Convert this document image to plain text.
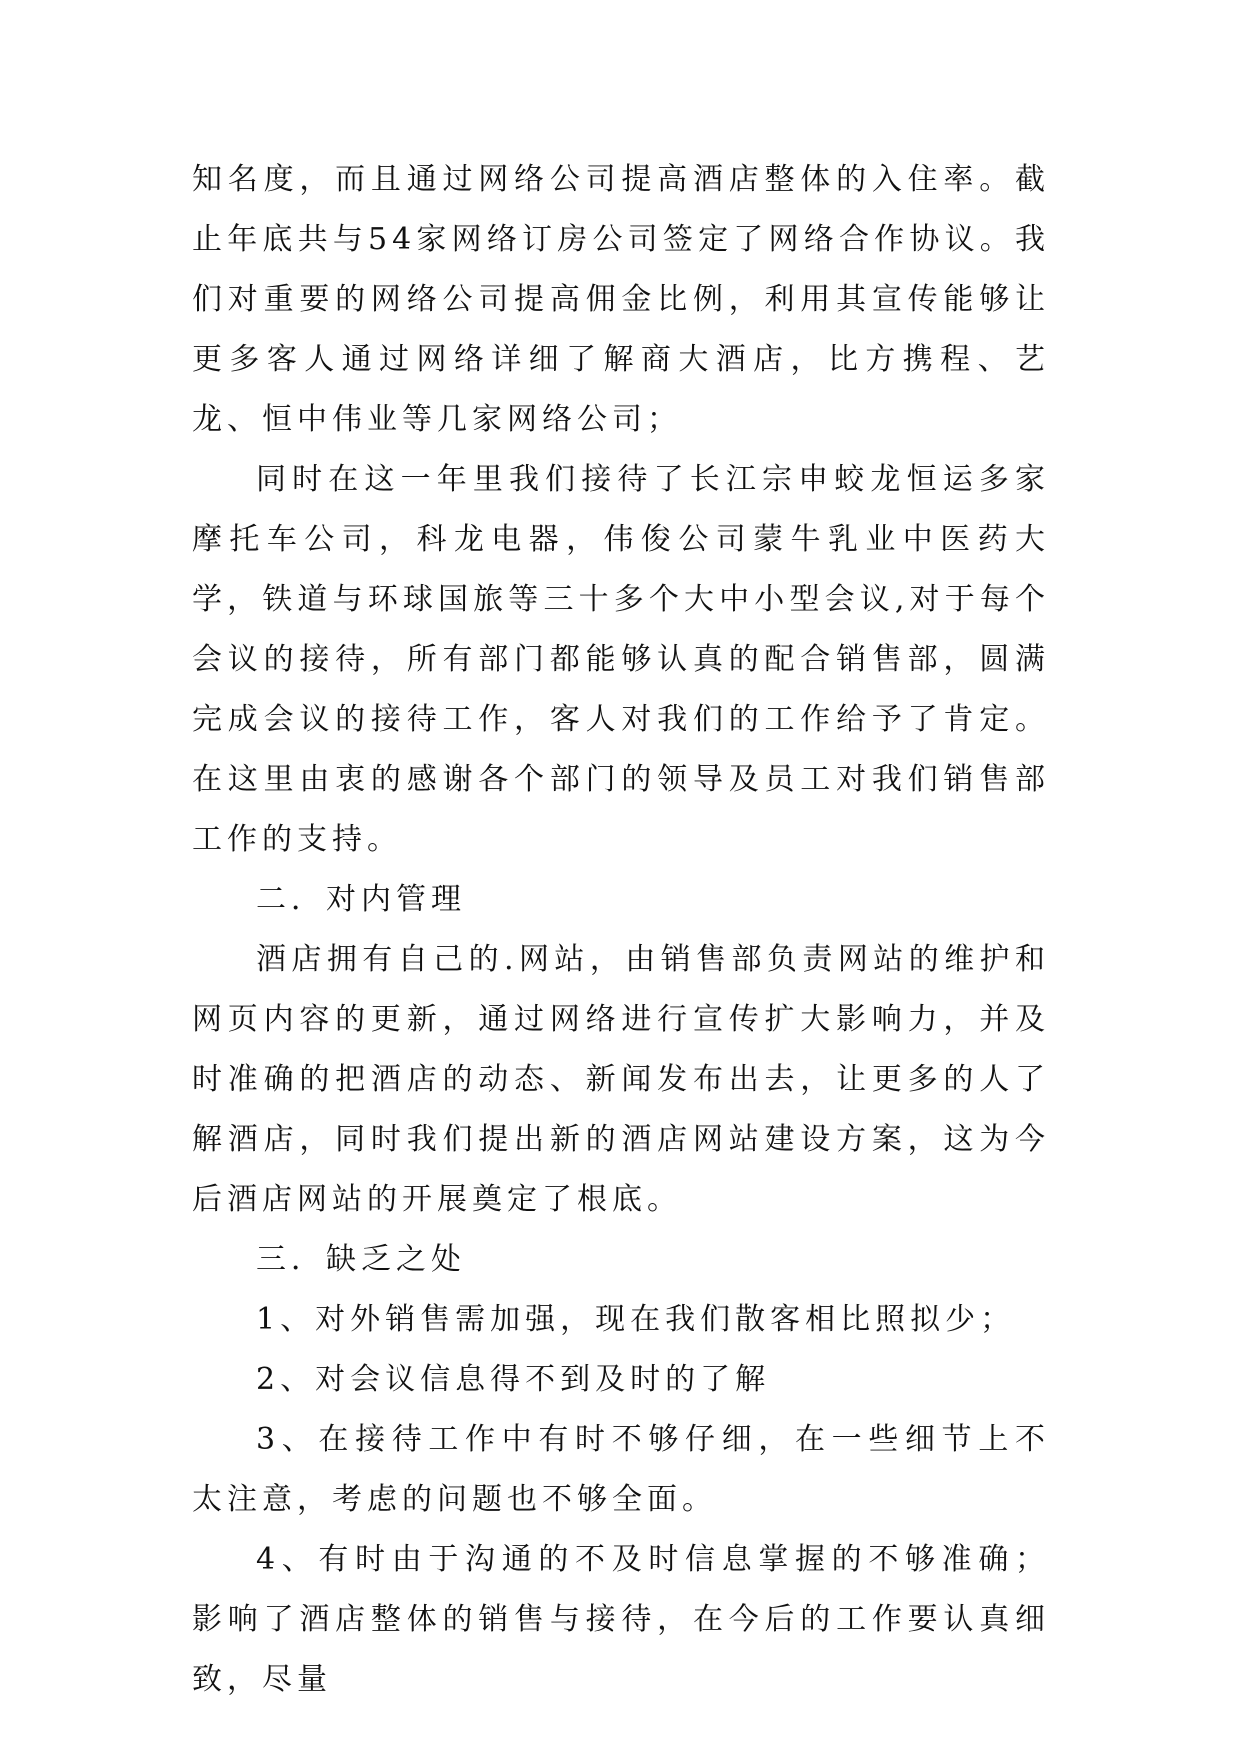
知名度，而且通过网络公司提高酒店整体的入住率。截止年底共与54家网络订房公司签定了网络合作协议。我们对重要的网络公司提高佣金比例，利用其宣传能够让更多客人通过网络详细了解商大酒店，比方携程、艺龙、恒中伟业等几家网络公司；

同时在这一年里我们接待了长江宗申蛟龙恒运多家摩托车公司，科龙电器，伟俊公司蒙牛乳业中医药大学，铁道与环球国旅等三十多个大中小型会议,对于每个会议的接待，所有部门都能够认真的配合销售部，圆满完成会议的接待工作，客人对我们的工作给予了肯定。在这里由衷的感谢各个部门的领导及员工对我们销售部工作的支持。

二．对内管理

酒店拥有自己的.网站，由销售部负责网站的维护和网页内容的更新，通过网络进行宣传扩大影响力，并及时准确的把酒店的动态、新闻发布出去，让更多的人了解酒店，同时我们提出新的酒店网站建设方案，这为今后酒店网站的开展奠定了根底。

三．缺乏之处

1、对外销售需加强，现在我们散客相比照拟少；

2、对会议信息得不到及时的了解

3、在接待工作中有时不够仔细，在一些细节上不太注意，考虑的问题也不够全面。

4、有时由于沟通的不及时信息掌握的不够准确；影响了酒店整体的销售与接待，在今后的工作要认真细致，尽量
